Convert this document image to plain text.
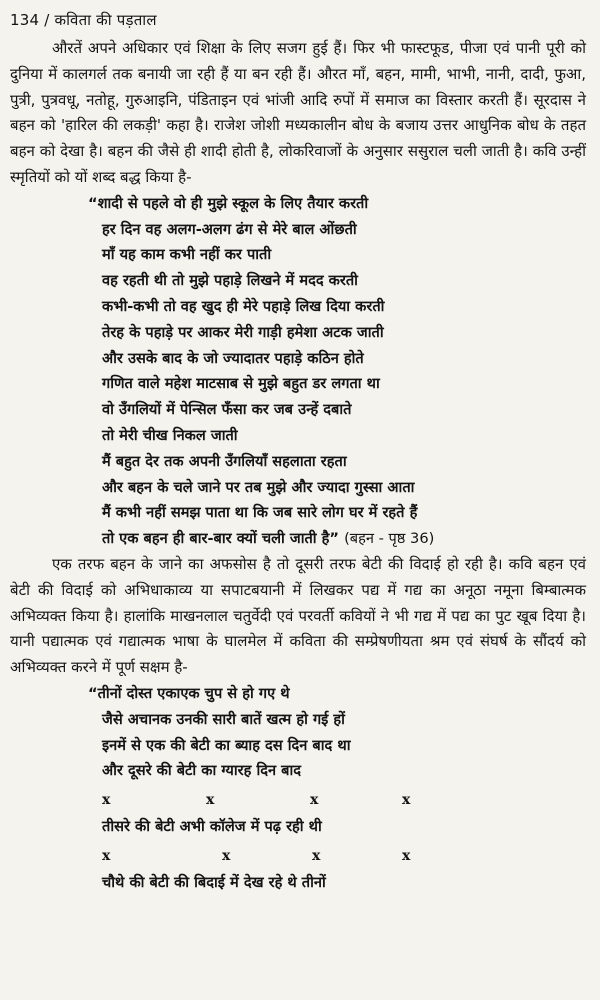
134 / कविता की पड़ताल

औरतें अपने अधिकार एवं शिक्षा के लिए सजग हुई हैं। फिर भी फास्टफूड, पीजा एवं पानी पूरी को दुनिया में कालगर्ल तक बनायी जा रही हैं या बन रही हैं। औरत माँ, बहन, मामी, भाभी, नानी, दादी, फुआ, पुत्री, पुत्रवधू, नतोहू, गुरुआइनि, पंडिताइन एवं भांजी आदि रुपों में समाज का विस्तार करती हैं। सूरदास ने बहन को 'हारिल की लकड़ी' कहा है। राजेश जोशी मध्यकालीन बोध के बजाय उत्तर आधुनिक बोध के तहत बहन को देखा है। बहन की जैसे ही शादी होती है, लोकरिवाजों के अनुसार ससुराल चली जाती है। कवि उन्हीं स्मृतियों को यों शब्द बद्ध किया है-

“शादी से पहले वो ही मुझे स्कूल के लिए तैयार करती
हर दिन वह अलग-अलग ढंग से मेरे बाल ओंछती
माँ यह काम कभी नहीं कर पाती
वह रहती थी तो मुझे पहाड़े लिखने में मदद करती
कभी-कभी तो वह खुद ही मेरे पहाड़े लिख दिया करती
तेरह के पहाड़े पर आकर मेरी गाड़ी हमेशा अटक जाती
और उसके बाद के जो ज्यादातर पहाड़े कठिन होते
गणित वाले महेश माटसाब से मुझे बहुत डर लगता था
वो उँगलियों में पेन्सिल फँसा कर जब उन्हें दबाते
तो मेरी चीख निकल जाती
मैं बहुत देर तक अपनी उँगलियाँ सहलाता रहता
और बहन के चले जाने पर तब मुझे और ज्यादा गुस्सा आता
मैं कभी नहीं समझ पाता था कि जब सारे लोग घर में रहते हैं
तो एक बहन ही बार-बार क्यों चली जाती है” (बहन - पृष्ठ 36)

एक तरफ बहन के जाने का अफसोस है तो दूसरी तरफ बेटी की विदाई हो रही है। कवि बहन एवं बेटी की विदाई को अभिधाकाव्य या सपाटबयानी में लिखकर पद्य में गद्य का अनूठा नमूना बिम्बात्मक अभिव्यक्त किया है। हालांकि माखनलाल चतुर्वेदी एवं परवर्ती कवियों ने भी गद्य में पद्य का पुट खूब दिया है। यानी पद्यात्मक एवं गद्यात्मक भाषा के घालमेल में कविता की सम्प्रेषणीयता श्रम एवं संघर्ष के सौंदर्य को अभिव्यक्त करने में पूर्ण सक्षम है-

“तीनों दोस्त एकाएक चुप से हो गए थे
जैसे अचानक उनकी सारी बातें खत्म हो गई हों
इनमें से एक की बेटी का ब्याह दस दिन बाद था
और दूसरे की बेटी का ग्यारह दिन बाद
x	x	x	x
तीसरे की बेटी अभी कॉलेज में पढ़ रही थी
x	x	x	x
चौथे की बेटी की बिदाई में देख रहे थे तीनों
